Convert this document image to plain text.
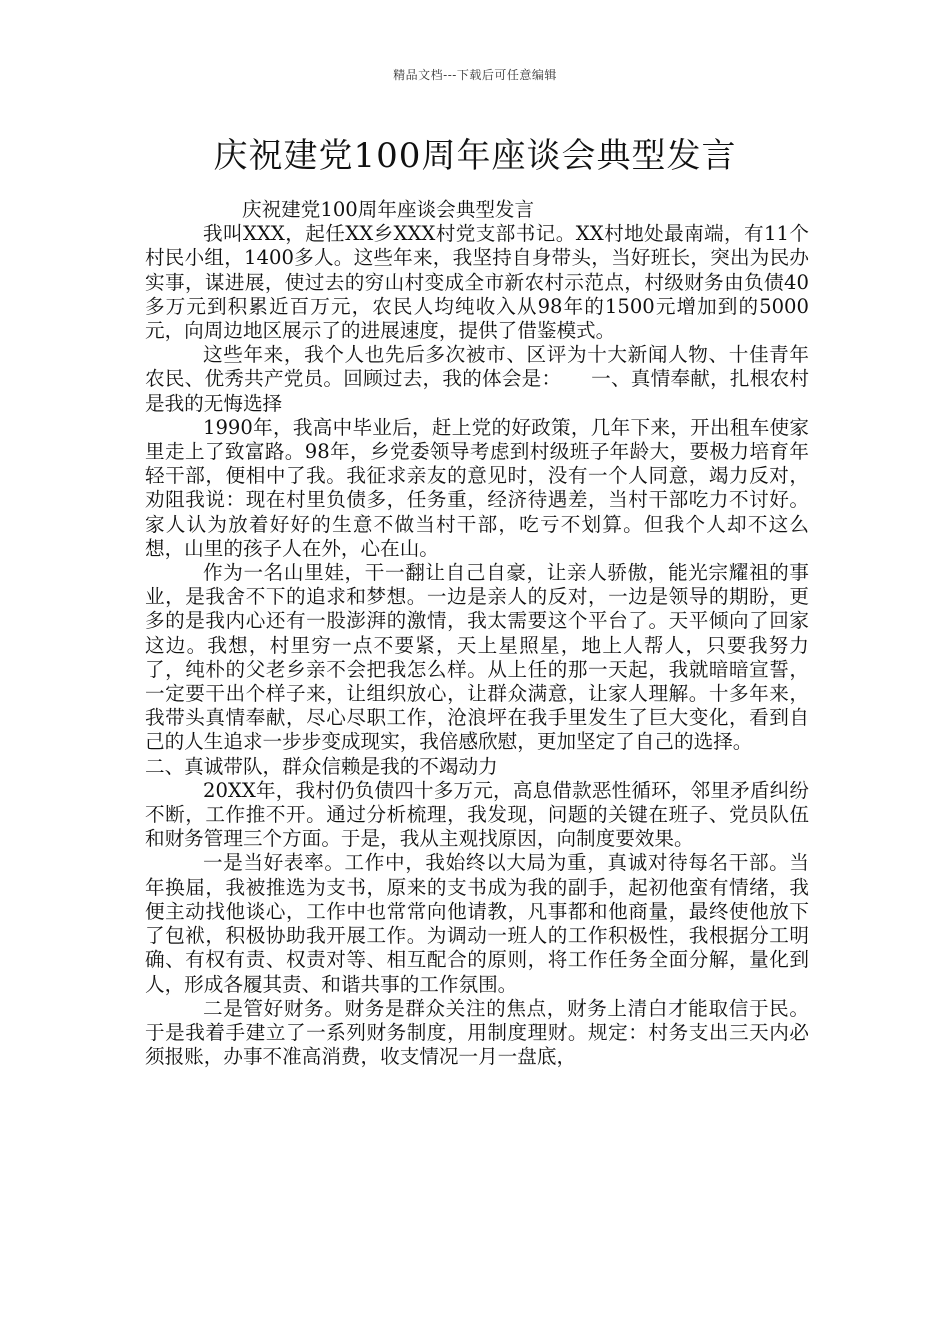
精品文档---下载后可任意编辑
庆祝建党100周年座谈会典型发言

庆祝建党100周年座谈会典型发言

我叫XXX，起任XX乡XXX村党支部书记。XX村地处最南端，有11个村民小组，1400多人。这些年来，我坚持自身带头，当好班长，突出为民办实事，谋进展，使过去的穷山村变成全市新农村示范点，村级财务由负债40多万元到积累近百万元，农民人均纯收入从98年的1500元增加到的5000元，向周边地区展示了的进展速度，提供了借鉴模式。

这些年来，我个人也先后多次被市、区评为十大新闻人物、十佳青年农民、优秀共产党员。回顾过去，我的体会是：　　一、真情奉献，扎根农村是我的无悔选择

1990年，我高中毕业后，赶上党的好政策，几年下来，开出租车使家里走上了致富路。98年，乡党委领导考虑到村级班子年龄大，要极力培育年轻干部，便相中了我。我征求亲友的意见时，没有一个人同意，竭力反对，劝阻我说：现在村里负债多，任务重，经济待遇差，当村干部吃力不讨好。家人认为放着好好的生意不做当村干部，吃亏不划算。但我个人却不这么想，山里的孩子人在外，心在山。

作为一名山里娃，干一翻让自己自豪，让亲人骄傲，能光宗耀祖的事业，是我舍不下的追求和梦想。一边是亲人的反对，一边是领导的期盼，更多的是我内心还有一股澎湃的激情，我太需要这个平台了。天平倾向了回家这边。我想，村里穷一点不要紧，天上星照星，地上人帮人，只要我努力了，纯朴的父老乡亲不会把我怎么样。从上任的那一天起，我就暗暗宣誓，一定要干出个样子来，让组织放心，让群众满意，让家人理解。十多年来，我带头真情奉献，尽心尽职工作，沧浪坪在我手里发生了巨大变化，看到自己的人生追求一步步变成现实，我倍感欣慰，更加坚定了自己的选择。

二、真诚带队，群众信赖是我的不竭动力

20XX年，我村仍负债四十多万元，高息借款恶性循环，邻里矛盾纠纷不断，工作推不开。通过分析梳理，我发现，问题的关键在班子、党员队伍和财务管理三个方面。于是，我从主观找原因，向制度要效果。

一是当好表率。工作中，我始终以大局为重，真诚对待每名干部。当年换届，我被推选为支书，原来的支书成为我的副手，起初他蛮有情绪，我便主动找他谈心，工作中也常常向他请教，凡事都和他商量，最终使他放下了包袱，积极协助我开展工作。为调动一班人的工作积极性，我根据分工明确、有权有责、权责对等、相互配合的原则，将工作任务全面分解，量化到人，形成各履其责、和谐共事的工作氛围。

二是管好财务。财务是群众关注的焦点，财务上清白才能取信于民。于是我着手建立了一系列财务制度，用制度理财。规定：村务支出三天内必须报账，办事不准高消费，收支情况一月一盘底，
